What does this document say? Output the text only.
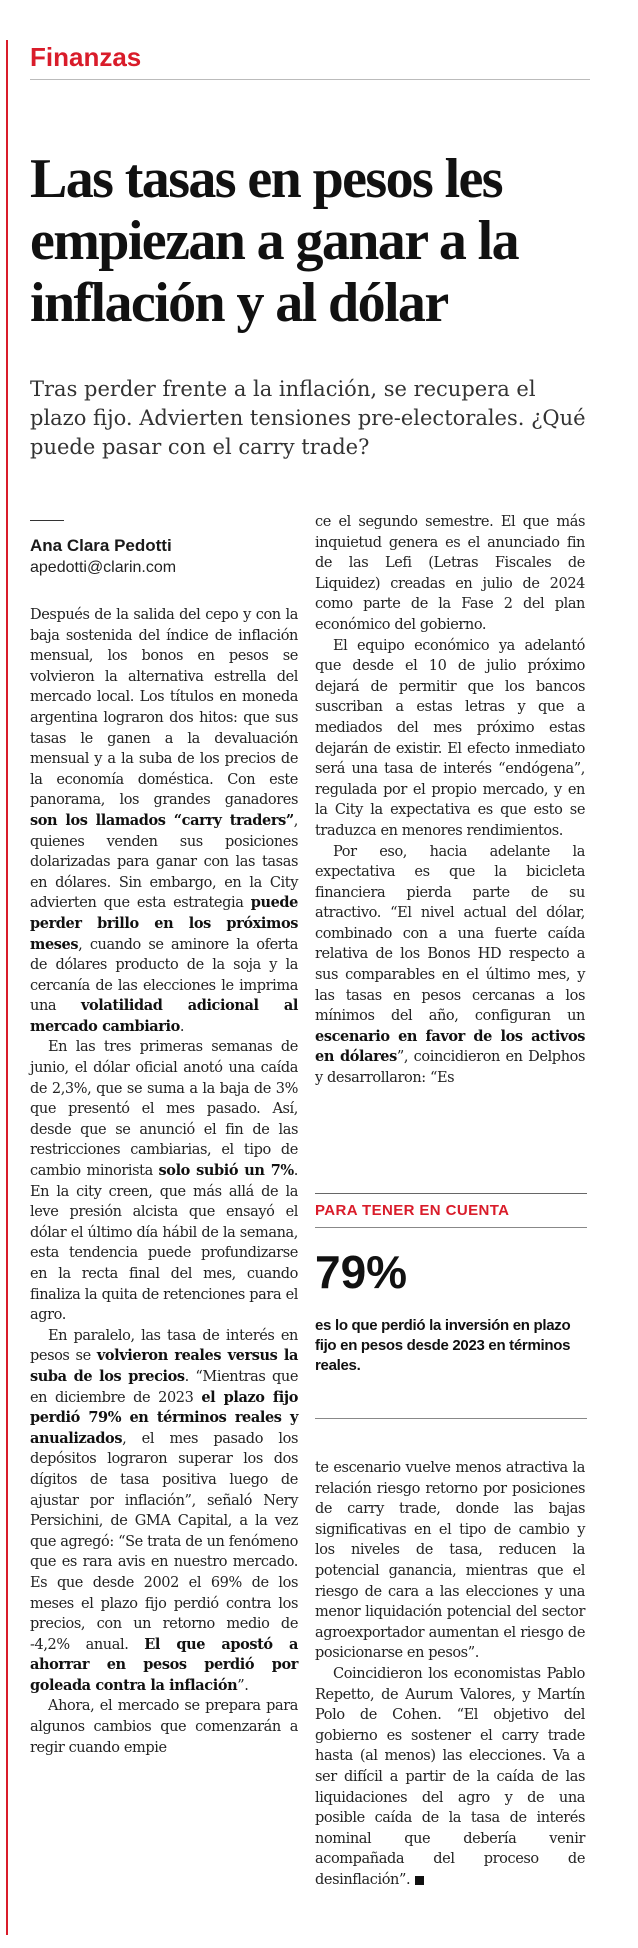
Finanzas
Las tasas en pesos les empiezan a ganar a la inflación y al dólar
Tras perder frente a la inflación, se recupera el plazo fijo. Advierten tensiones pre-electorales. ¿Qué puede pasar con el carry trade?
Ana Clara Pedotti
apedotti@clarin.com

Después de la salida del cepo y con la baja sostenida del índice de inflación mensual, los bonos en pesos se volvieron la alternativa estrella del mercado local. Los títulos en moneda argentina lograron dos hitos: que sus tasas le ganen a la devaluación mensual y a la suba de los precios de la economía doméstica. Con este panorama, los grandes ganadores son los llamados “carry traders”, quienes venden sus posiciones dolarizadas para ganar con las tasas en dólares. Sin embargo, en la City advierten que esta estrategia puede perder brillo en los próximos meses, cuando se aminore la oferta de dólares producto de la soja y la cercanía de las elecciones le imprima una volatilidad adicional al mercado cambiario.

En las tres primeras semanas de junio, el dólar oficial anotó una caída de 2,3%, que se suma a la baja de 3% que presentó el mes pasado. Así, desde que se anunció el fin de las restricciones cambiarias, el tipo de cambio minorista solo subió un 7%. En la city creen, que más allá de la leve presión alcista que ensayó el dólar el último día hábil de la semana, esta tendencia puede profundizarse en la recta final del mes, cuando finaliza la quita de retenciones para el agro.

En paralelo, las tasa de interés en pesos se volvieron reales versus la suba de los precios. “Mientras que en diciembre de 2023 el plazo fijo perdió 79% en términos reales y anualizados, el mes pasado los depósitos lograron superar los dos dígitos de tasa positiva luego de ajustar por inflación”, señaló Nery Persichini, de GMA Capital, a la vez que agregó: “Se trata de un fenómeno que es rara avis en nuestro mercado. Es que desde 2002 el 69% de los meses el plazo fijo perdió contra los precios, con un retorno medio de -4,2% anual. El que apostó a ahorrar en pesos perdió por goleada contra la inflación”.

Ahora, el mercado se prepara para algunos cambios que comenzarán a regir cuando empie

ce el segundo semestre. El que más inquietud genera es el anunciado fin de las Lefi (Letras Fiscales de Liquidez) creadas en julio de 2024 como parte de la Fase 2 del plan económico del gobierno.

El equipo económico ya adelantó que desde el 10 de julio próximo dejará de permitir que los bancos suscriban a estas letras y que a mediados del mes próximo estas dejarán de existir. El efecto inmediato será una tasa de interés “endógena”, regulada por el propio mercado, y en la City la expectativa es que esto se traduzca en menores rendimientos.

Por eso, hacia adelante la expectativa es que la bicicleta financiera pierda parte de su atractivo. “El nivel actual del dólar, combinado con a una fuerte caída relativa de los Bonos HD respecto a sus comparables en el último mes, y las tasas en pesos cercanas a los mínimos del año, configuran un escenario en favor de los activos en dólares”, coincidieron en Delphos y desarrollaron: “Es

PARA TENER EN CUENTA
79%
es lo que perdió la inversión en plazo fijo en pesos desde 2023 en términos reales.

te escenario vuelve menos atractiva la relación riesgo retorno por posiciones de carry trade, donde las bajas significativas en el tipo de cambio y los niveles de tasa, reducen la potencial ganancia, mientras que el riesgo de cara a las elecciones y una menor liquidación potencial del sector agroexportador aumentan el riesgo de posicionarse en pesos”.

Coincidieron los economistas Pablo Repetto, de Aurum Valores, y Martín Polo de Cohen. “El objetivo del gobierno es sostener el carry trade hasta (al menos) las elecciones. Va a ser difícil a partir de la caída de las liquidaciones del agro y de una posible caída de la tasa de interés nominal que debería venir acompañada del proceso de desinflación”.
